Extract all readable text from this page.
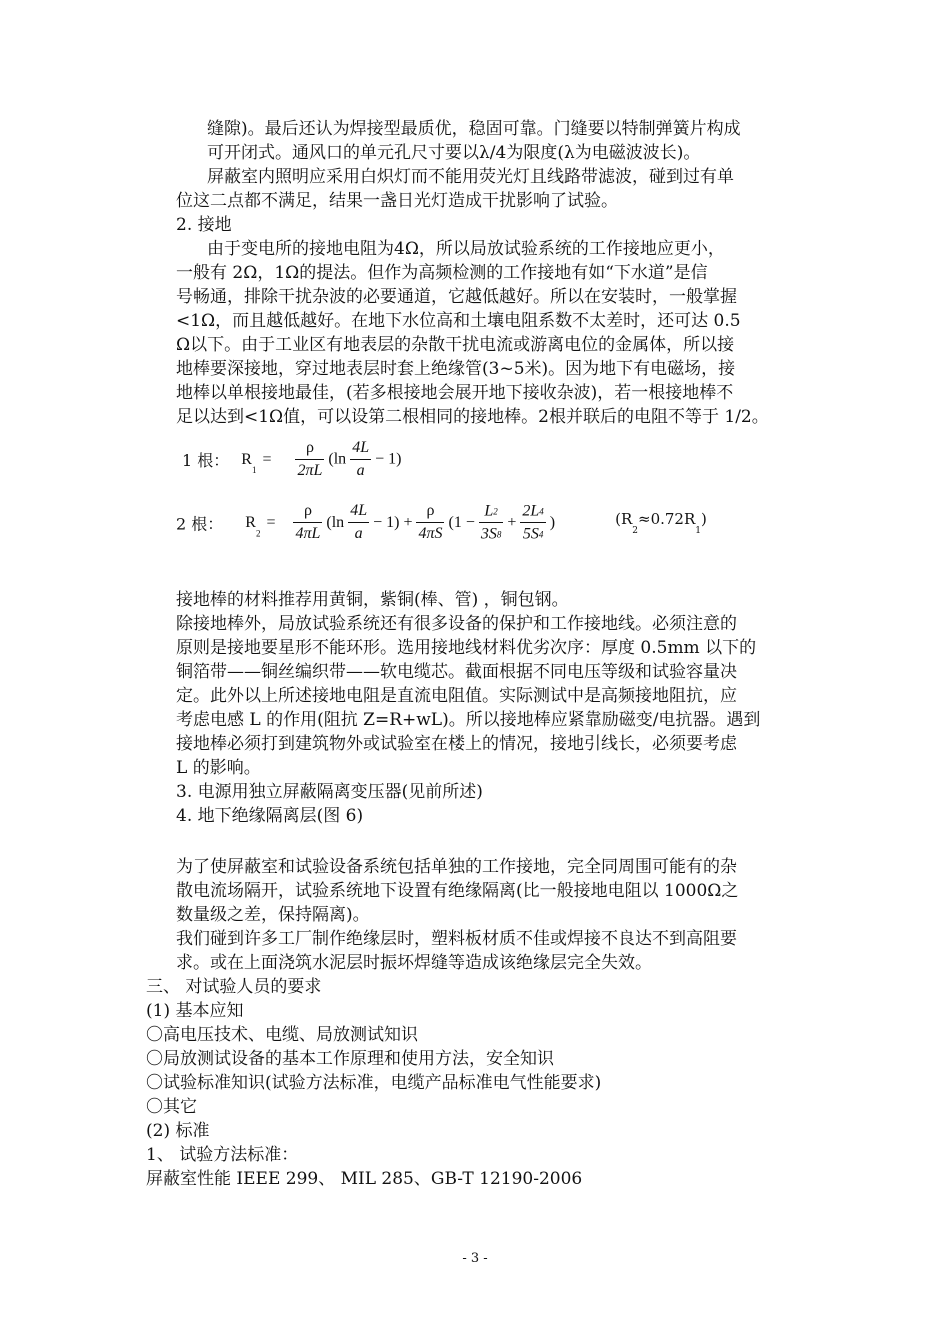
缝隙)。最后还认为焊接型最质优，稳固可靠。门缝要以特制弹簧片构成
可开闭式。通风口的单元孔尺寸要以λ/4为限度(λ为电磁波波长)。
屏蔽室内照明应采用白炽灯而不能用荧光灯且线路带滤波，碰到过有单
位这二点都不满足，结果一盏日光灯造成干扰影响了试验。
2. 接地
由于变电所的接地电阻为4Ω，所以局放试验系统的工作接地应更小，
一般有 2Ω，1Ω的提法。但作为高频检测的工作接地有如“下水道”是信
号畅通，排除干扰杂波的必要通道，它越低越好。所以在安装时，一般掌握
<1Ω，而且越低越好。在地下水位高和土壤电阻系数不太差时，还可达 0.5
Ω以下。由于工业区有地表层的杂散干扰电流或游离电位的金属体，所以接
地棒要深接地，穿过地表层时套上绝缘管(3~5米)。因为地下有电磁场，接
地棒以单根接地最佳，(若多根接地会展开地下接收杂波)，若一根接地棒不
足以达到<1Ω值，可以设第二根相同的接地棒。2根并联后的电阻不等于 1/2。
1 根： $R_1 = \frac{\rho}{2\pi L} (\ln \frac{4L}{a} - 1)$
2 根： $R_2 = \frac{\rho}{4\pi L} (\ln \frac{4L}{a} - 1) + \frac{\rho}{4\pi S} (1 - \frac{L2}{3S8} + \frac{2L4}{5S4}$ )	$(R_2\approx 0.72R_1)$
接地棒的材料推荐用黄铜，紫铜(棒、管) ，铜包钢。
除接地棒外，局放试验系统还有很多设备的保护和工作接地线。必须注意的
原则是接地要星形不能环形。选用接地线材料优劣次序：厚度 0.5mm 以下的
铜箔带——铜丝编织带——软电缆芯。截面根据不同电压等级和试验容量决
定。此外以上所述接地电阻是直流电阻值。实际测试中是高频接地阻抗，应
考虑电感 L 的作用(阻抗 Z=R+wL)。所以接地棒应紧靠励磁变/电抗器。遇到
接地棒必须打到建筑物外或试验室在楼上的情况，接地引线长，必须要考虑
L 的影响。
3. 电源用独立屏蔽隔离变压器(见前所述)
4. 地下绝缘隔离层(图 6)
为了使屏蔽室和试验设备系统包括单独的工作接地，完全同周围可能有的杂
散电流场隔开，试验系统地下设置有绝缘隔离(比一般接地电阻以 1000Ω之
数量级之差，保持隔离)。
我们碰到许多工厂制作绝缘层时，塑料板材质不佳或焊接不良达不到高阻要
求。或在上面浇筑水泥层时振坏焊缝等造成该绝缘层完全失效。
三、 对试验人员的要求
(1) 基本应知
〇高电压技术、电缆、局放测试知识
〇局放测试设备的基本工作原理和使用方法，安全知识
〇试验标准知识(试验方法标准，电缆产品标准电气性能要求)
〇其它
(2) 标准
1、 试验方法标准：
屏蔽室性能 IEEE 299、 MIL 285、GB-T 12190-2006
- 3 -
